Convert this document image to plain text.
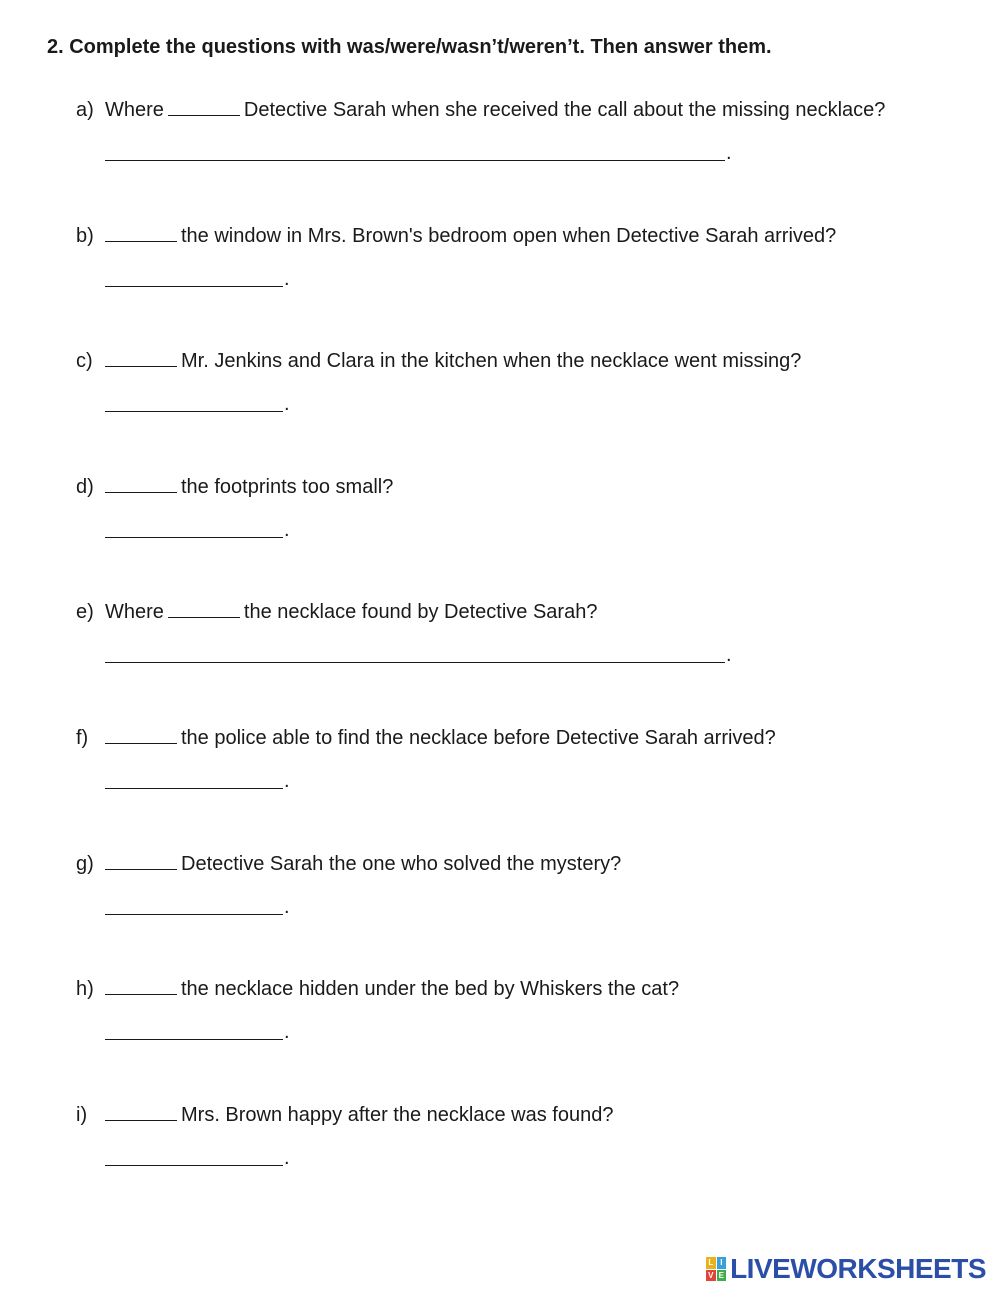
2. Complete the questions with was/were/wasn’t/weren’t. Then answer them.
a) Where	Detective Sarah when she received the call about the missing necklace?
.
b)	the window in Mrs. Brown's bedroom open when Detective Sarah arrived?
.
c)	Mr. Jenkins and Clara in the kitchen when the necklace went missing?
.
d)	the footprints too small?
.
e) Where	the necklace found by Detective Sarah?
.
f)	the police able to find the necklace before Detective Sarah arrived?
.
g)	Detective Sarah the one who solved the mystery?
.
h)	the necklace hidden under the bed by Whiskers the cat?
.
i)	Mrs. Brown happy after the necklace was found?
.
L I
V E LIVEWORKSHEETS
